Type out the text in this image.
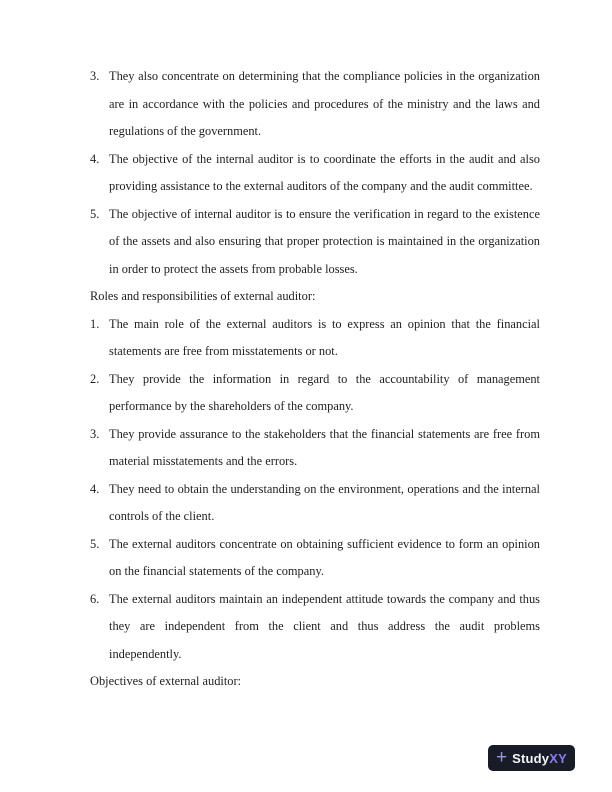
3. They also concentrate on determining that the compliance policies in the organization are in accordance with the policies and procedures of the ministry and the laws and regulations of the government.
4. The objective of the internal auditor is to coordinate the efforts in the audit and also providing assistance to the external auditors of the company and the audit committee.
5. The objective of internal auditor is to ensure the verification in regard to the existence of the assets and also ensuring that proper protection is maintained in the organization in order to protect the assets from probable losses.
Roles and responsibilities of external auditor:
1. The main role of the external auditors is to express an opinion that the financial statements are free from misstatements or not.
2. They provide the information in regard to the accountability of management performance by the shareholders of the company.
3. They provide assurance to the stakeholders that the financial statements are free from material misstatements and the errors.
4. They need to obtain the understanding on the environment, operations and the internal controls of the client.
5. The external auditors concentrate on obtaining sufficient evidence to form an opinion on the financial statements of the company.
6. The external auditors maintain an independent attitude towards the company and thus they are independent from the client and thus address the audit problems independently.
Objectives of external auditor:
+ StudyXY
